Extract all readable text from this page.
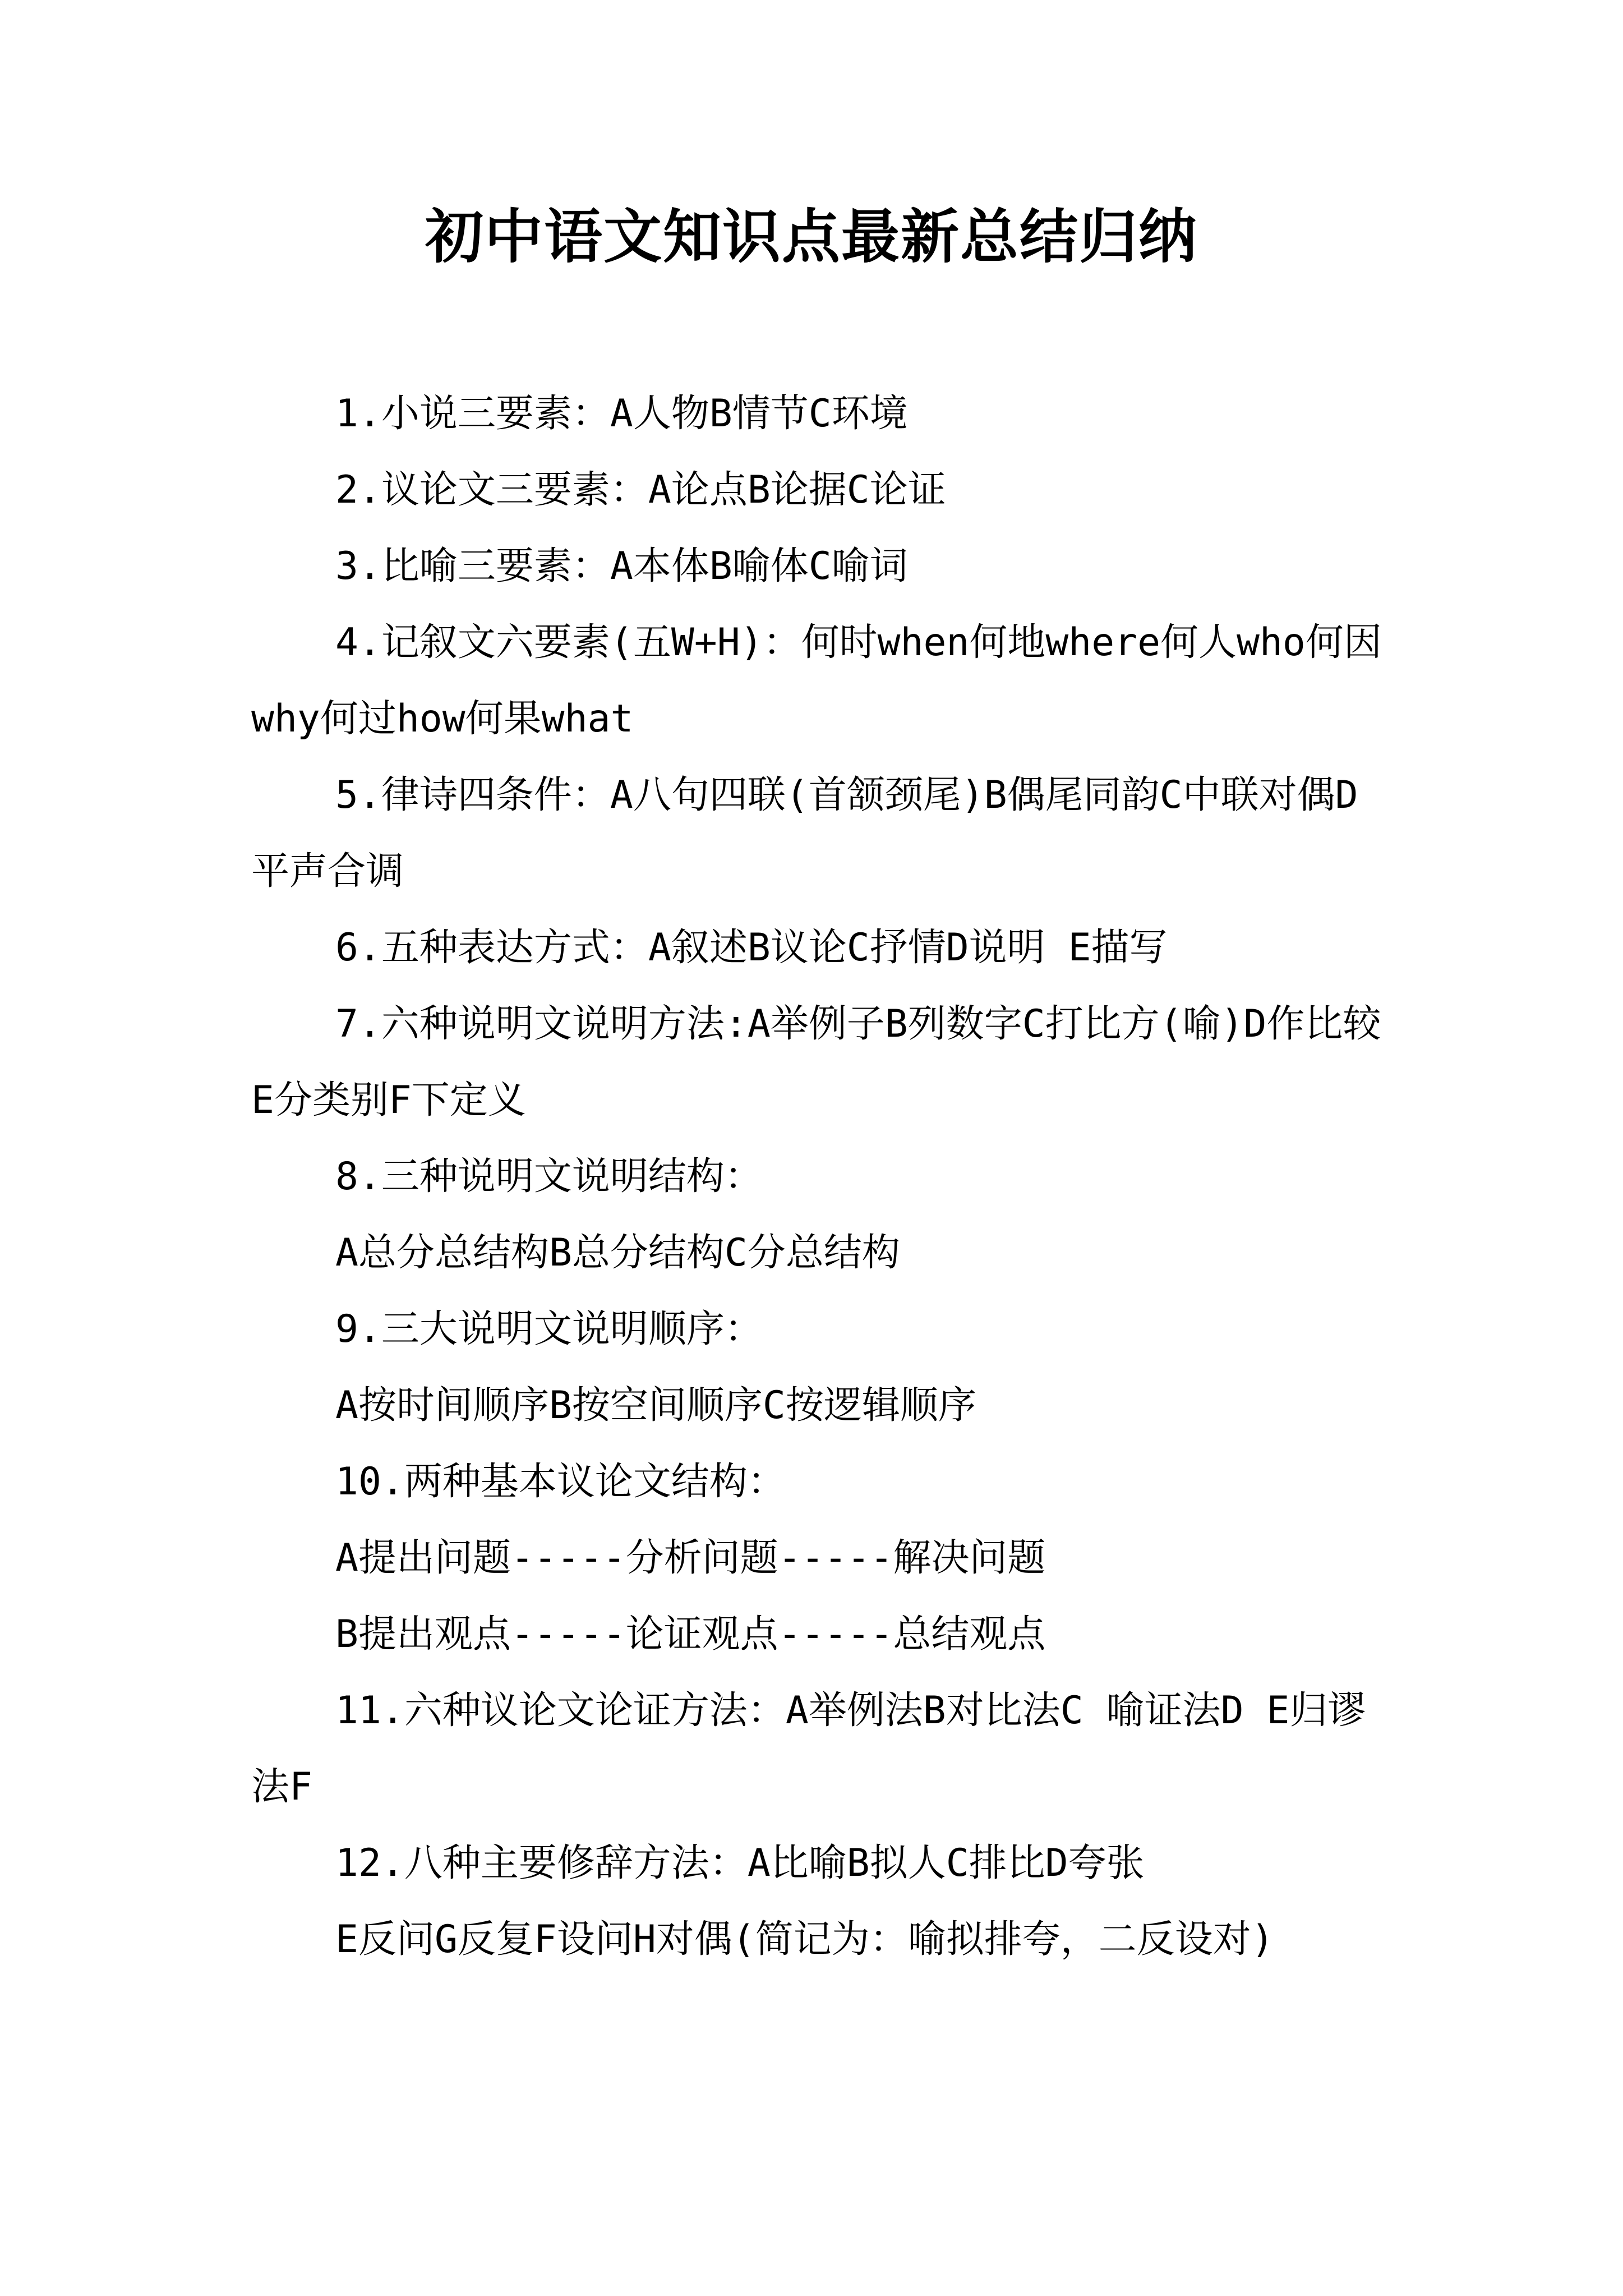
初中语文知识点最新总结归纳

1.小说三要素：A人物B情节C环境

2.议论文三要素：A论点B论据C论证

3.比喻三要素：A本体B喻体C喻词

4.记叙文六要素(五W+H)：何时when何地where何人who何因why何过how何果what

5.律诗四条件：A八句四联(首颔颈尾)B偶尾同韵C中联对偶D平声合调

6.五种表达方式：A叙述B议论C抒情D说明 E描写

7.六种说明文说明方法:A举例子B列数字C打比方(喻)D作比较E分类别F下定义

8.三种说明文说明结构：

A总分总结构B总分结构C分总结构

9.三大说明文说明顺序：

A按时间顺序B按空间顺序C按逻辑顺序

10.两种基本议论文结构：

A提出问题-----分析问题-----解决问题

B提出观点-----论证观点-----总结观点

11.六种议论文论证方法：A举例法B对比法C 喻证法D E归谬法F

12.八种主要修辞方法：A比喻B拟人C排比D夸张

E反问G反复F设问H对偶(简记为：喻拟排夸，二反设对)
